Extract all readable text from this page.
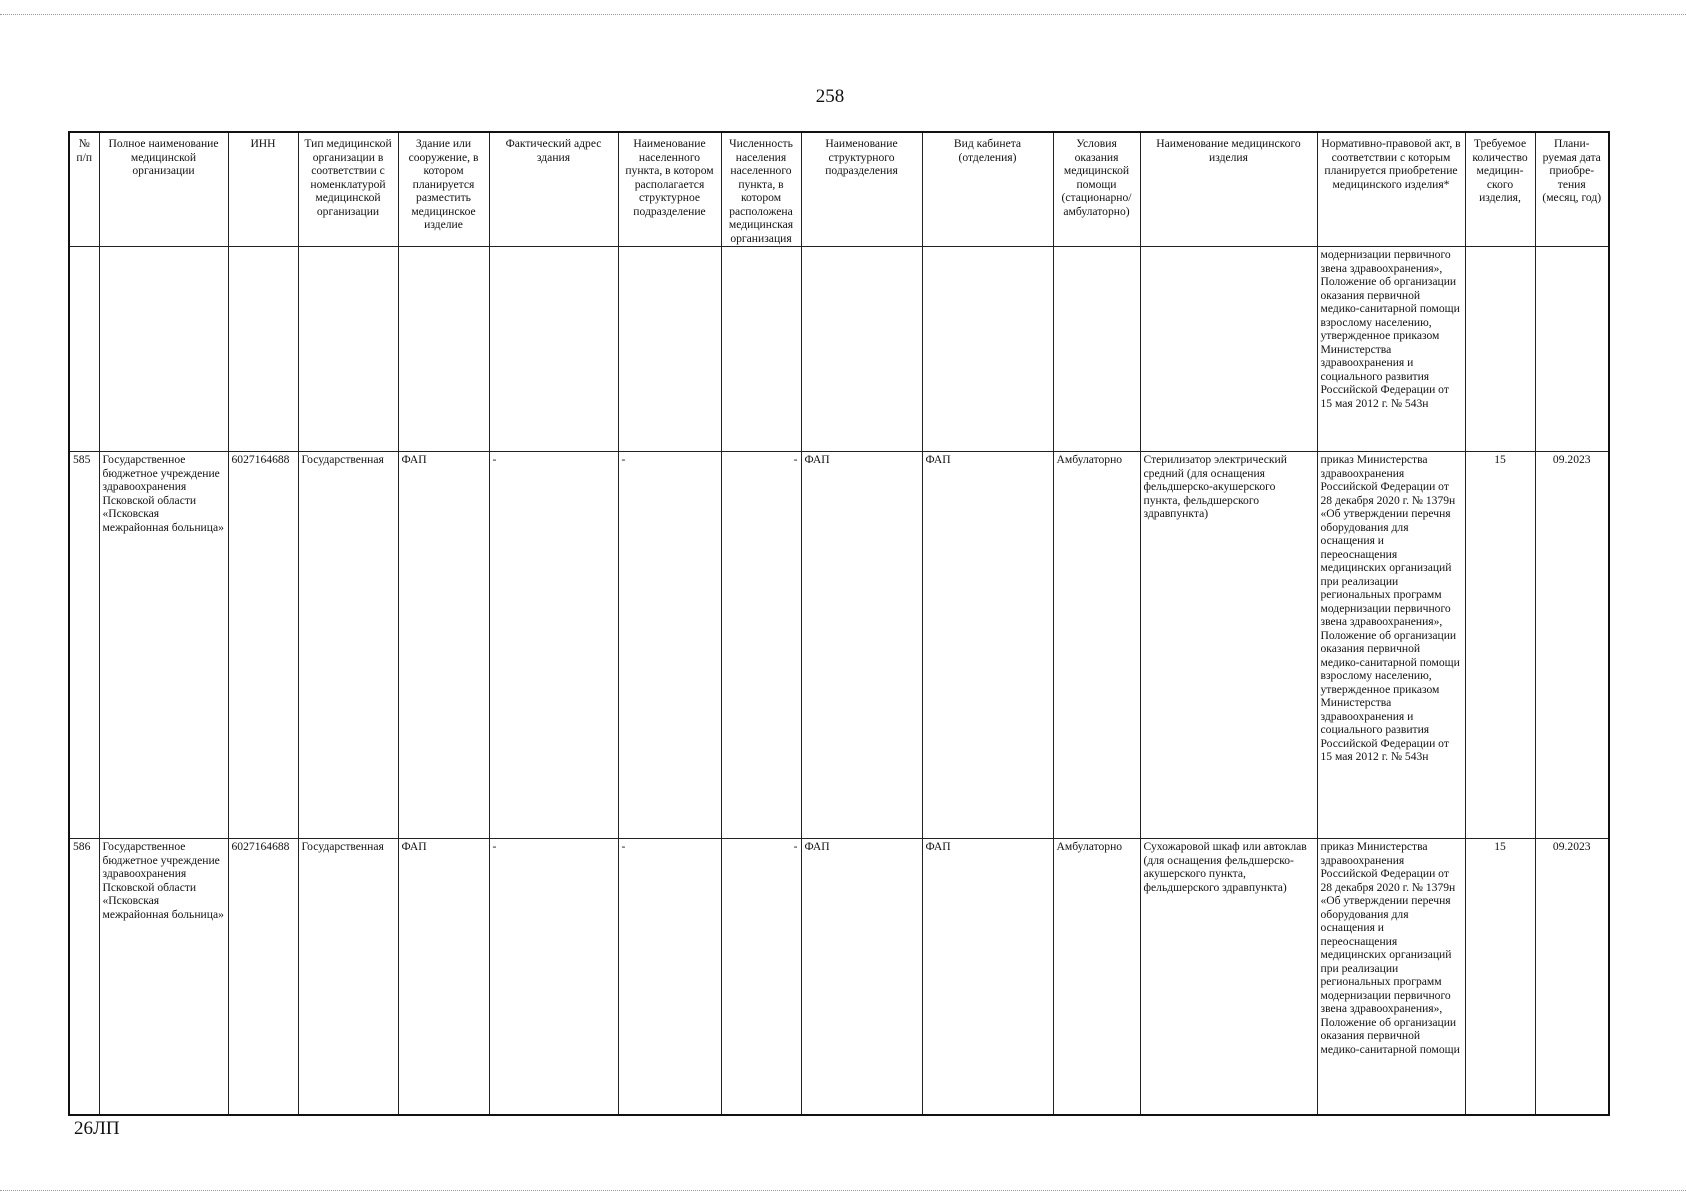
258
№ п/п	Полное наименование медицинской организации	ИНН	Тип медицинской организации в соответствии с номенклатурой медицинской организации	Здание или сооружение, в котором планируется разместить медицинское изделие	Фактический адрес здания	Наименование населенного пункта, в котором располагается структурное подразделение	Численность населения населенного пункта, в котором расположена медицинская организация	Наименование структурного подразделения	Вид кабинета (отделения)	Условия оказания медицинской помощи (стационарно/ амбулаторно)	Наименование медицинского изделия	Нормативно-правовой акт, в соответствии с которым планируется приобретение медицинского изделия*	Требуемое количество медицин-ского изделия,	Плани-руемая дата приобре-тения (месяц, год)
												модернизации первичного звена здравоохранения», Положение об организации оказания первичной медико-санитарной помощи взрослому населению, утвержденное приказом Министерства здравоохранения и социального развития Российской Федерации от 15 мая 2012 г. № 543н		
585	Государственное бюджетное учреждение здравоохранения Псковской области «Псковская межрайонная больница»	6027164688	Государственная	ФАП	-	-	-	ФАП	ФАП	Амбулаторно	Стерилизатор электрический средний (для оснащения фельдшерско-акушерского пункта, фельдшерского здравпункта)	приказ Министерства здравоохранения Российской Федерации от 28 декабря 2020 г. № 1379н «Об утверждении перечня оборудования для оснащения и переоснащения медицинских организаций при реализации региональных программ модернизации первичного звена здравоохранения», Положение об организации оказания первичной медико-санитарной помощи взрослому населению, утвержденное приказом Министерства здравоохранения и социального развития Российской Федерации от 15 мая 2012 г. № 543н	15	09.2023
586	Государственное бюджетное учреждение здравоохранения Псковской области «Псковская межрайонная больница»	6027164688	Государственная	ФАП	-	-	-	ФАП	ФАП	Амбулаторно	Сухожаровой шкаф или автоклав (для оснащения фельдшерско-акушерского пункта, фельдшерского здравпункта)	приказ Министерства здравоохранения Российской Федерации от 28 декабря 2020 г. № 1379н «Об утверждении перечня оборудования для оснащения и переоснащения медицинских организаций при реализации региональных программ модернизации первичного звена здравоохранения», Положение об организации оказания первичной медико-санитарной помощи	15	09.2023
26ЛП
